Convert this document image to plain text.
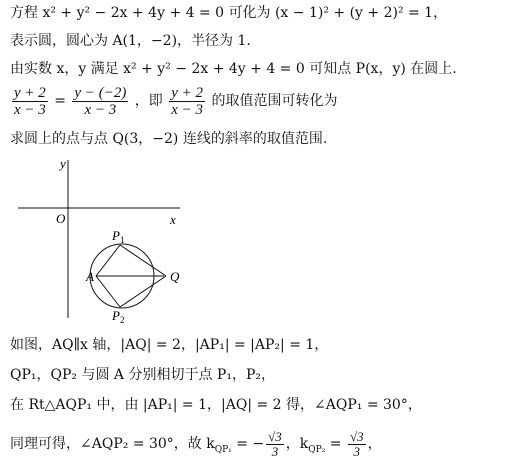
方程 x² + y² − 2x + 4y + 4 = 0 可化为 (x − 1)² + (y + 2)² = 1，
表示圆，圆心为 A(1，−2)，半径为 1.
由实数 x，y 满足 x² + y² − 2x + 4y + 4 = 0 可知点 P(x，y) 在圆上.
$\frac{y + 2}{x - 3} = \frac{y - (-2)}{x - 3}$ ，即 $\frac{y + 2}{x - 3}$ 的取值范围可转化为
求圆上的点与点 Q(3，−2) 连线的斜率的取值范围.
y
x
O
A	Q
$P_1$
$P_2$
如图，AQ∥x 轴，|AQ| = 2，|AP₁| = |AP₂| = 1，
QP₁，QP₂ 与圆 A 分别相切于点 P₁，P₂，
在 Rt△AQP₁ 中，由 |AP₁| = 1，|AQ| = 2 得，∠AQP₁ = 30°，
同理可得，∠AQP₂ = 30°，故 $k_{QP_1}$ = − $\frac{√3}{3}$ ，$k_{QP_2} = \frac{√3}{3}$ ，
